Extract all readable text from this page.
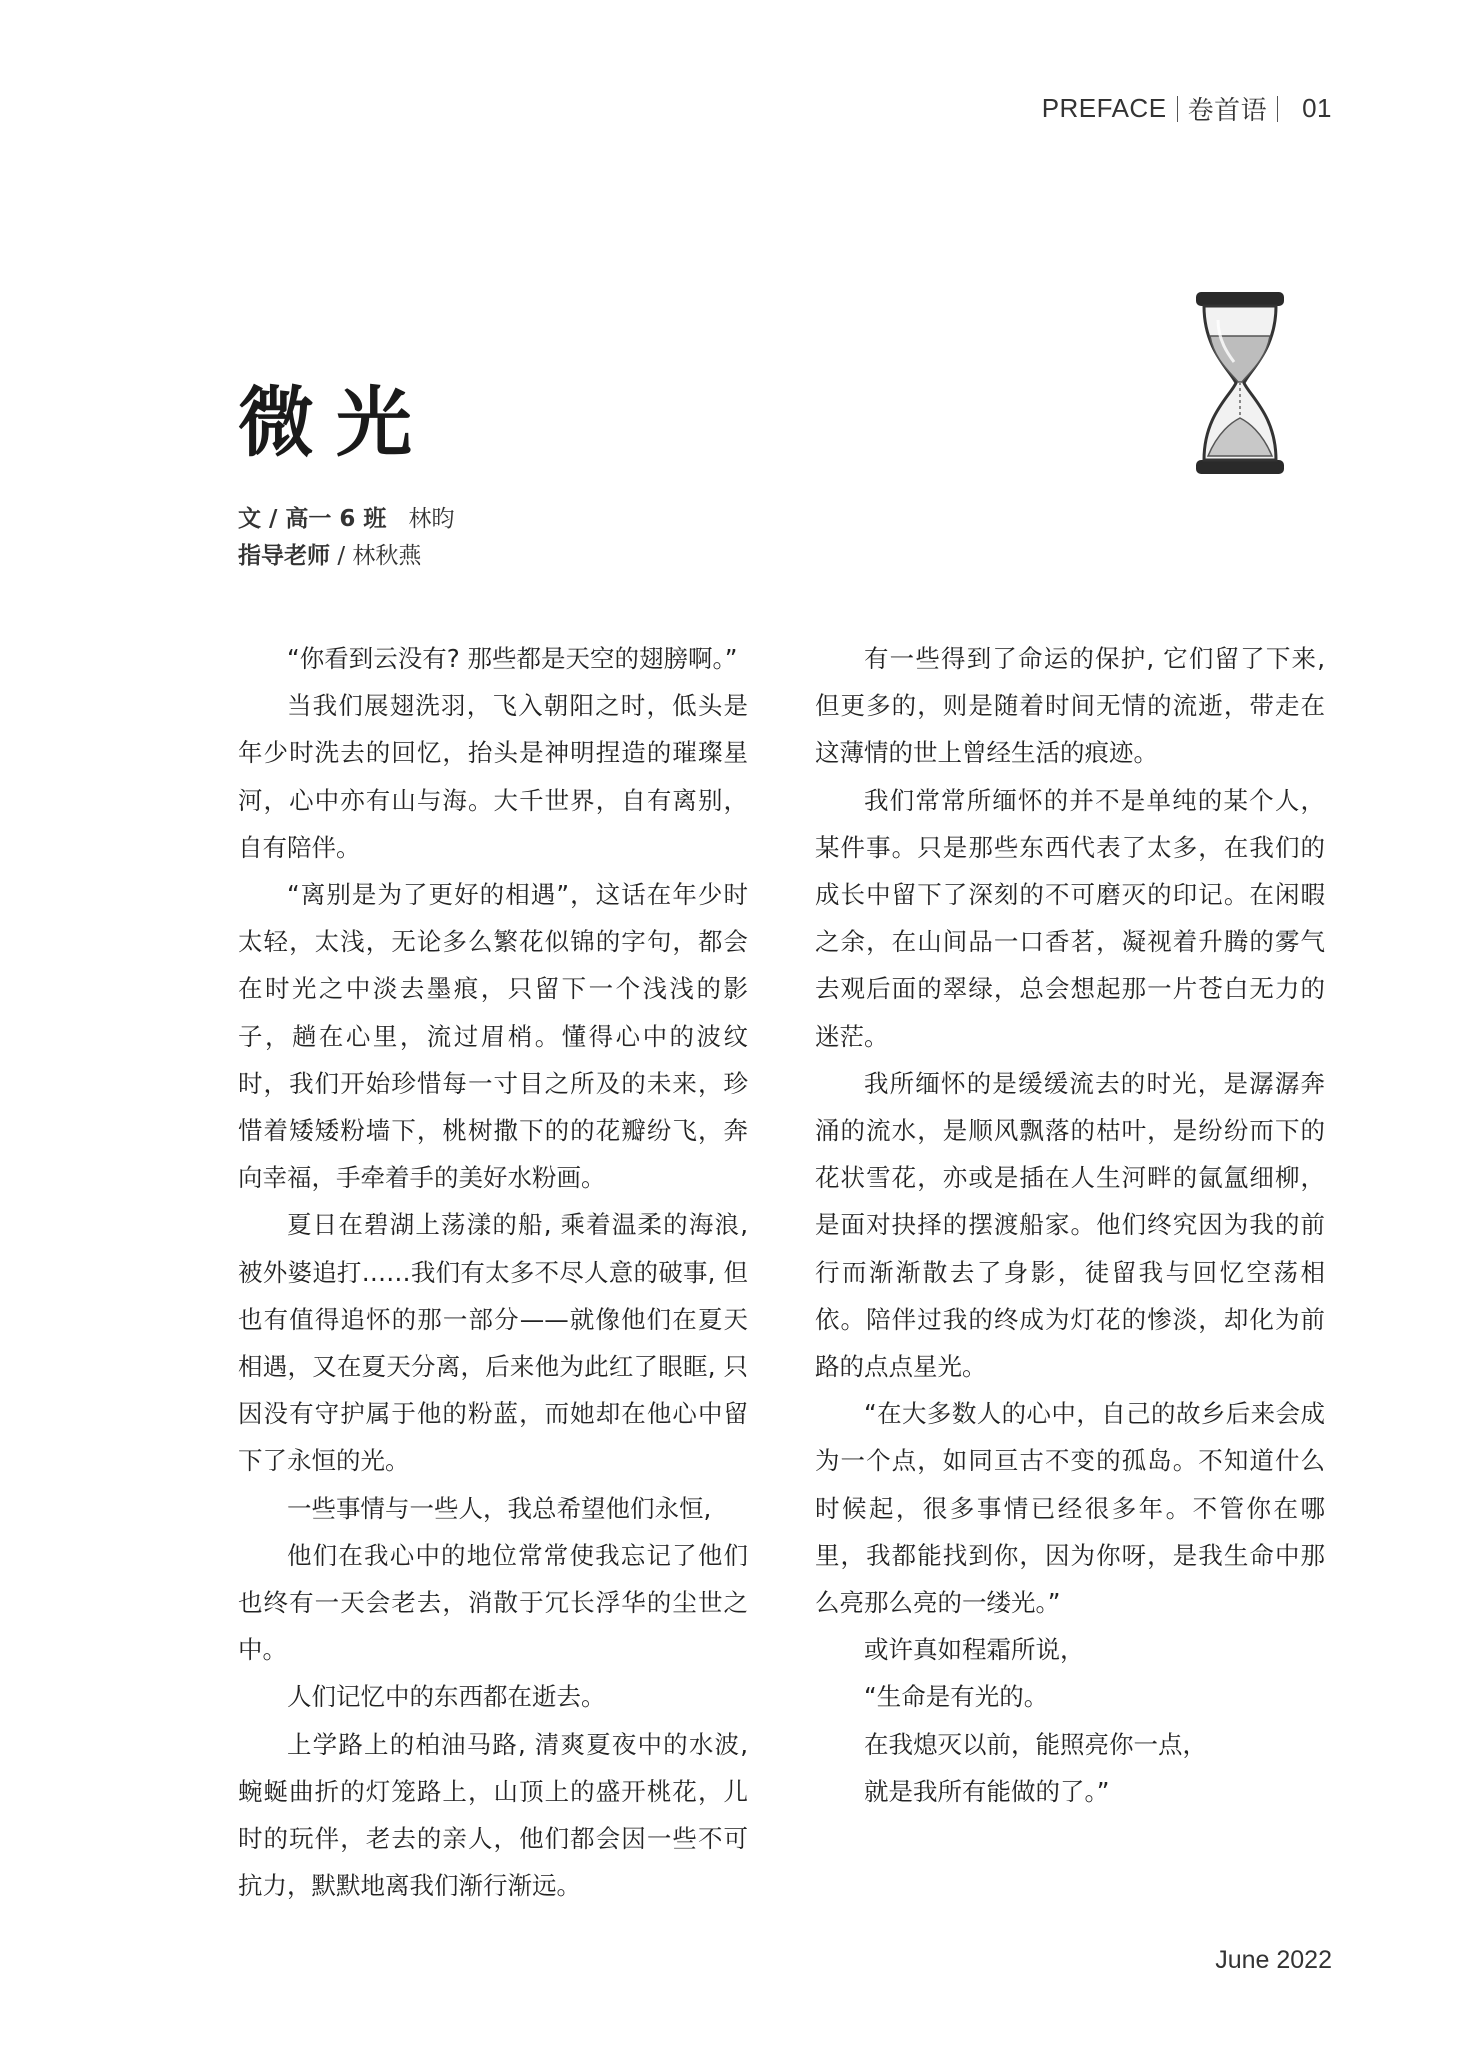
PREFACE 卷首语 01
微光
文 / 高一 6 班 林昀
指导老师 / 林秋燕

“你看到云没有? 那些都是天空的翅膀啊。”

当我们展翅洗羽，飞入朝阳之时，低头是年少时洗去的回忆，抬头是神明捏造的璀璨星河，心中亦有山与海。大千世界，自有离别，自有陪伴。

“离别是为了更好的相遇”，这话在年少时太轻，太浅，无论多么繁花似锦的字句，都会在时光之中淡去墨痕，只留下一个浅浅的影子，趟在心里，流过眉梢。懂得心中的波纹时，我们开始珍惜每一寸目之所及的未来，珍惜着矮矮粉墙下，桃树撒下的的花瓣纷飞，奔向幸福，手牵着手的美好水粉画。

夏日在碧湖上荡漾的船, 乘着温柔的海浪, 被外婆追打……我们有太多不尽人意的破事, 但也有值得追怀的那一部分——就像他们在夏天相遇，又在夏天分离，后来他为此红了眼眶, 只因没有守护属于他的粉蓝，而她却在他心中留下了永恒的光。

一些事情与一些人，我总希望他们永恒,

他们在我心中的地位常常使我忘记了他们也终有一天会老去，消散于冗长浮华的尘世之中。

人们记忆中的东西都在逝去。

上学路上的柏油马路, 清爽夏夜中的水波, 蜿蜒曲折的灯笼路上，山顶上的盛开桃花，儿时的玩伴，老去的亲人，他们都会因一些不可抗力，默默地离我们渐行渐远。

有一些得到了命运的保护, 它们留了下来, 但更多的，则是随着时间无情的流逝，带走在这薄情的世上曾经生活的痕迹。

我们常常所缅怀的并不是单纯的某个人，某件事。只是那些东西代表了太多，在我们的成长中留下了深刻的不可磨灭的印记。在闲暇之余，在山间品一口香茗，凝视着升腾的雾气去观后面的翠绿，总会想起那一片苍白无力的迷茫。

我所缅怀的是缓缓流去的时光，是潺潺奔涌的流水，是顺风飘落的枯叶，是纷纷而下的花状雪花，亦或是插在人生河畔的氤氲细柳，是面对抉择的摆渡船家。他们终究因为我的前行而渐渐散去了身影，徒留我与回忆空荡相依。陪伴过我的终成为灯花的惨淡，却化为前路的点点星光。

“在大多数人的心中，自己的故乡后来会成为一个点，如同亘古不变的孤岛。不知道什么时候起，很多事情已经很多年。不管你在哪里，我都能找到你，因为你呀，是我生命中那么亮那么亮的一缕光。”

或许真如程霜所说，

“生命是有光的。

在我熄灭以前，能照亮你一点，

就是我所有能做的了。”

June 2022
